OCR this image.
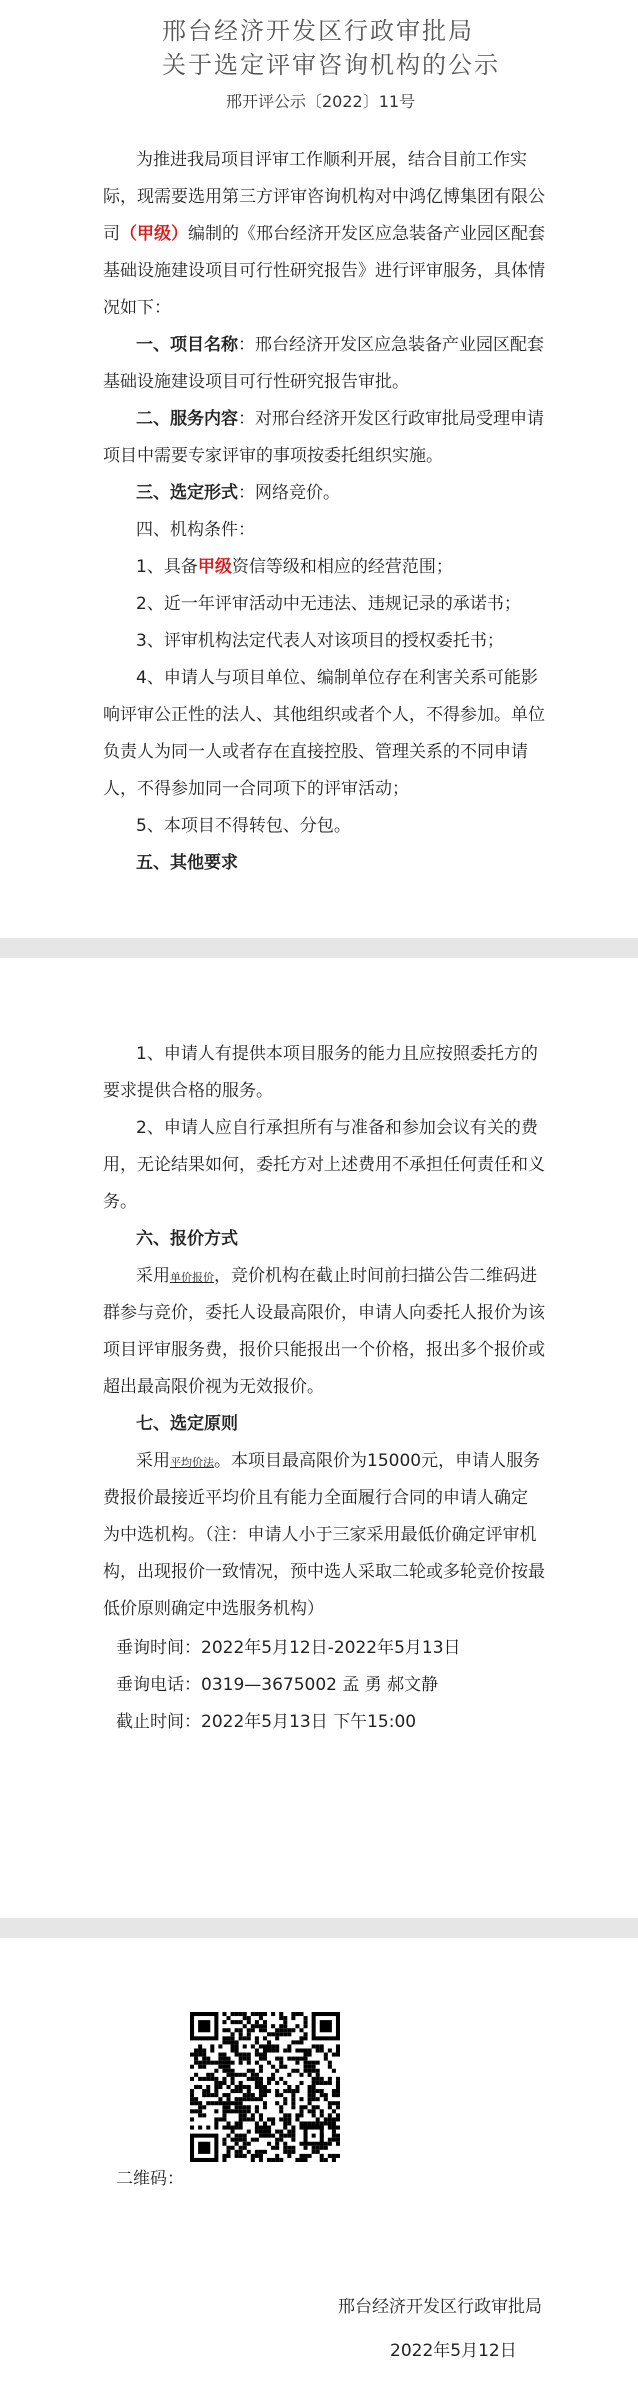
邢台经济开发区行政审批局
关于选定评审咨询机构的公示
邢开评公示〔2022〕11号
为推进我局项目评审工作顺利开展，结合目前工作实
际，现需要选用第三方评审咨询机构对中鸿亿博集团有限公
司（甲级）编制的《邢台经济开发区应急装备产业园区配套
基础设施建设项目可行性研究报告》进行评审服务，具体情
况如下：
一、项目名称：邢台经济开发区应急装备产业园区配套
基础设施建设项目可行性研究报告审批。
二、服务内容：对邢台经济开发区行政审批局受理申请
项目中需要专家评审的事项按委托组织实施。
三、选定形式：网络竞价。
四、机构条件：
1、具备甲级资信等级和相应的经营范围；
2、近一年评审活动中无违法、违规记录的承诺书；
3、评审机构法定代表人对该项目的授权委托书；
4、申请人与项目单位、编制单位存在利害关系可能影
响评审公正性的法人、其他组织或者个人，不得参加。单位
负责人为同一人或者存在直接控股、管理关系的不同申请
人，不得参加同一合同项下的评审活动；
5、本项目不得转包、分包。
五、其他要求
1、申请人有提供本项目服务的能力且应按照委托方的
要求提供合格的服务。
2、申请人应自行承担所有与准备和参加会议有关的费
用，无论结果如何，委托方对上述费用不承担任何责任和义
务。
六、报价方式
采用单价报价，竞价机构在截止时间前扫描公告二维码进
群参与竞价，委托人设最高限价，申请人向委托人报价为该
项目评审服务费，报价只能报出一个价格，报出多个报价或
超出最高限价视为无效报价。
七、选定原则
采用平均价法。本项目最高限价为15000元，申请人服务
费报价最接近平均价且有能力全面履行合同的申请人确定
为中选机构。（注：申请人小于三家采用最低价确定评审机
构，出现报价一致情况，预中选人采取二轮或多轮竞价按最
低价原则确定中选服务机构）
垂询时间：2022年5月12日-2022年5月13日
垂询电话：0319—3675002 孟 勇 郝文静
截止时间：2022年5月13日 下午15:00
二维码：
邢台经济开发区行政审批局
2022年5月12日
